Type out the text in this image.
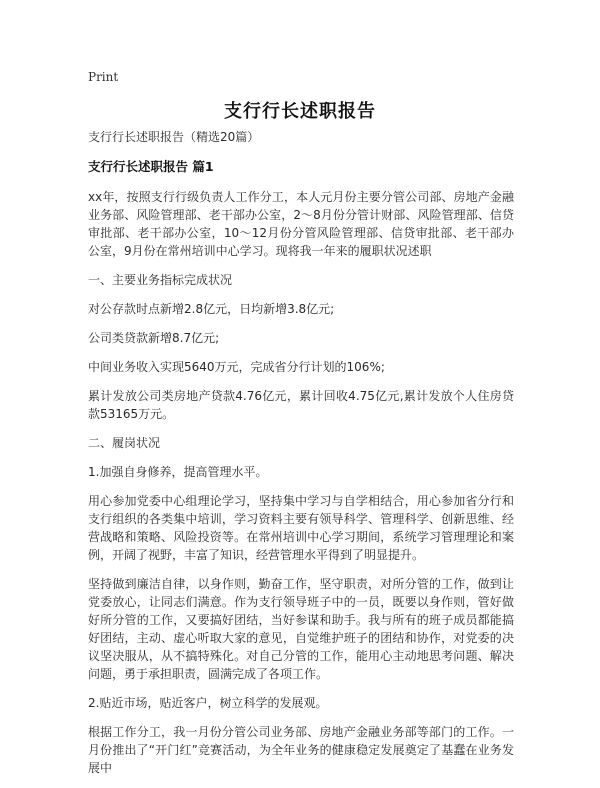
Print
支行行长述职报告

支行行长述职报告（精选20篇）

支行行长述职报告 篇1

xx年，按照支行行级负责人工作分工，本人元月份主要分管公司部、房地产金融业务部、风险管理部、老干部办公室，2～8月份分管计财部、风险管理部、信贷审批部、老干部办公室，10～12月份分管风险管理部、信贷审批部、老干部办公室，9月份在常州培训中心学习。现将我一年来的履职状况述职

一、主要业务指标完成状况

对公存款时点新增2.8亿元，日均新增3.8亿元;

公司类贷款新增8.7亿元;

中间业务收入实现5640万元，完成省分行计划的106%;

累计发放公司类房地产贷款4.76亿元，累计回收4.75亿元,累计发放个人住房贷款53165万元。

二、履岗状况

1.加强自身修养，提高管理水平。

用心参加党委中心组理论学习，坚持集中学习与自学相结合，用心参加省分行和支行组织的各类集中培训，学习资料主要有领导科学、管理科学、创新思维、经营战略和策略、风险投资等。在常州培训中心学习期间，系统学习管理理论和案例，开阔了视野，丰富了知识，经营管理水平得到了明显提升。

坚持做到廉洁自律，以身作则，勤奋工作，坚守职责，对所分管的工作，做到让党委放心，让同志们满意。作为支行领导班子中的一员，既要以身作则，管好做好所分管的工作，又要搞好团结，当好参谋和助手。我与所有的班子成员都能搞好团结，主动、虚心听取大家的意见，自觉维护班子的团结和协作，对党委的决议坚决服从，从不搞特殊化。对自己分管的工作，能用心主动地思考问题、解决问题，勇于承担职责，圆满完成了各项工作。

2.贴近市场，贴近客户，树立科学的发展观。

根据工作分工，我一月份分管公司业务部、房地产金融业务部等部门的工作。一月份推出了“开门红”竞赛活动，为全年业务的健康稳定发展奠定了基蠢在业务发展中
